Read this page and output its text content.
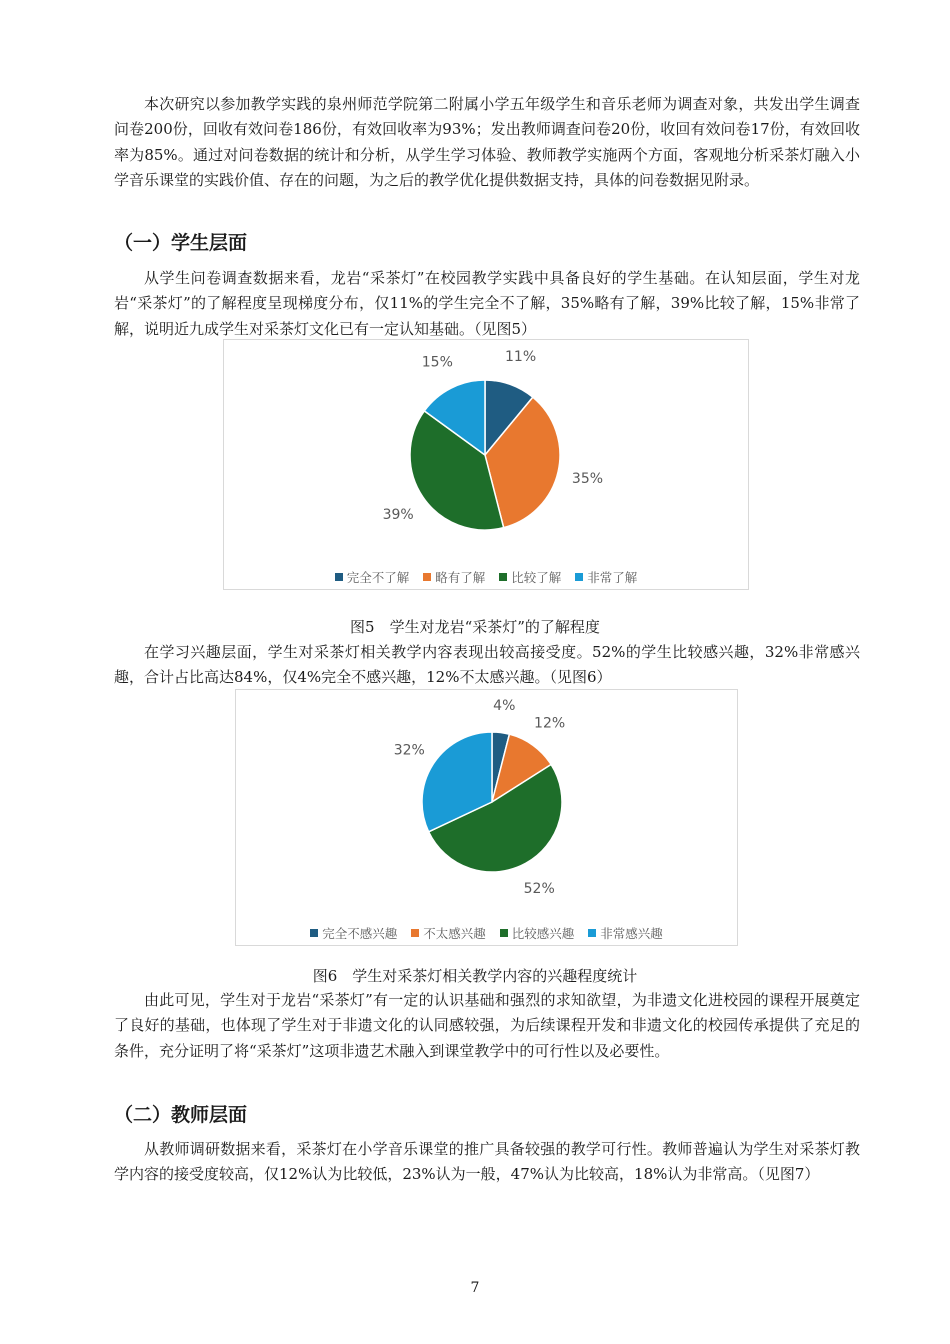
本次研究以参加教学实践的泉州师范学院第二附属小学五年级学生和音乐老师为调查对象，共发出学生调查问卷200份，回收有效问卷186份，有效回收率为93%；发出教师调查问卷20份，收回有效问卷17份，有效回收率为85%。通过对问卷数据的统计和分析，从学生学习体验、教师教学实施两个方面，客观地分析采茶灯融入小学音乐课堂的实践价值、存在的问题，为之后的教学优化提供数据支持，具体的问卷数据见附录。

（一）学生层面

从学生问卷调查数据来看，龙岩“采茶灯”在校园教学实践中具备良好的学生基础。在认知层面，学生对龙岩“采茶灯”的了解程度呈现梯度分布，仅11%的学生完全不了解，35%略有了解，39%比较了解，15%非常了解，说明近九成学生对采茶灯文化已有一定认知基础。（见图5）

11%
35%
39%
15%
完全不了解 略有了解 比较了解 非常了解

图5　学生对龙岩“采茶灯”的了解程度

在学习兴趣层面，学生对采茶灯相关教学内容表现出较高接受度。52%的学生比较感兴趣，32%非常感兴趣，合计占比高达84%，仅4%完全不感兴趣，12%不太感兴趣。（见图6）

4%
12%
52%
32%
完全不感兴趣 不太感兴趣 比较感兴趣 非常感兴趣

图6　学生对采茶灯相关教学内容的兴趣程度统计

由此可见，学生对于龙岩“采茶灯”有一定的认识基础和强烈的求知欲望，为非遗文化进校园的课程开展奠定了良好的基础，也体现了学生对于非遗文化的认同感较强，为后续课程开发和非遗文化的校园传承提供了充足的条件，充分证明了将“采茶灯”这项非遗艺术融入到课堂教学中的可行性以及必要性。

（二）教师层面

从教师调研数据来看，采茶灯在小学音乐课堂的推广具备较强的教学可行性。教师普遍认为学生对采茶灯教学内容的接受度较高，仅12%认为比较低，23%认为一般，47%认为比较高，18%认为非常高。（见图7）

7
